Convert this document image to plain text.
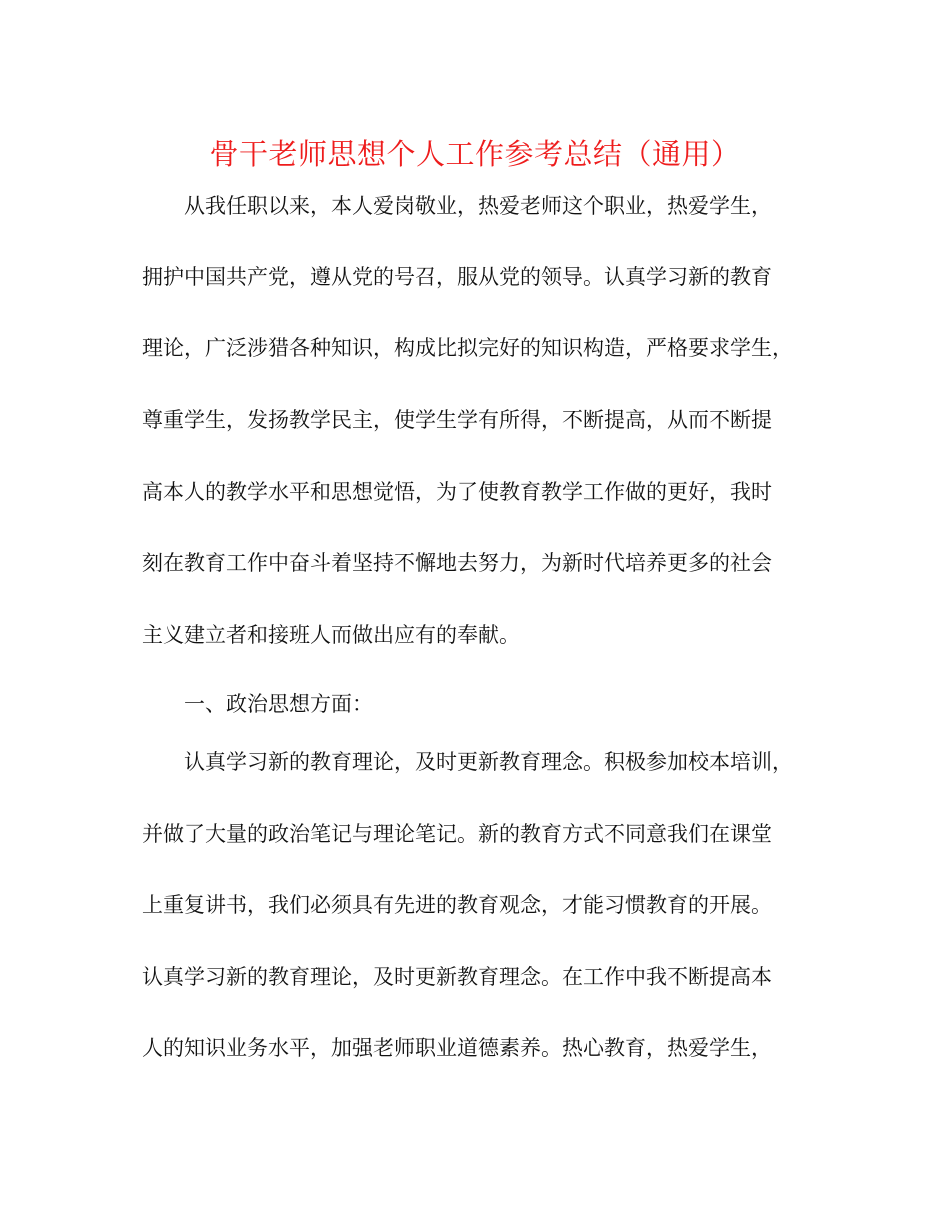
骨干老师思想个人工作参考总结（通用）

从我任职以来，本人爱岗敬业，热爱老师这个职业，热爱学生，

拥护中国共产党，遵从党的号召，服从党的领导。认真学习新的教育

理论，广泛涉猎各种知识，构成比拟完好的知识构造，严格要求学生，

尊重学生，发扬教学民主，使学生学有所得，不断提高，从而不断提

高本人的教学水平和思想觉悟，为了使教育教学工作做的更好，我时

刻在教育工作中奋斗着坚持不懈地去努力，为新时代培养更多的社会

主义建立者和接班人而做出应有的奉献。

一、政治思想方面：

认真学习新的教育理论，及时更新教育理念。积极参加校本培训，

并做了大量的政治笔记与理论笔记。新的教育方式不同意我们在课堂

上重复讲书，我们必须具有先进的教育观念，才能习惯教育的开展。

认真学习新的教育理论，及时更新教育理念。在工作中我不断提高本

人的知识业务水平，加强老师职业道德素养。热心教育，热爱学生，
